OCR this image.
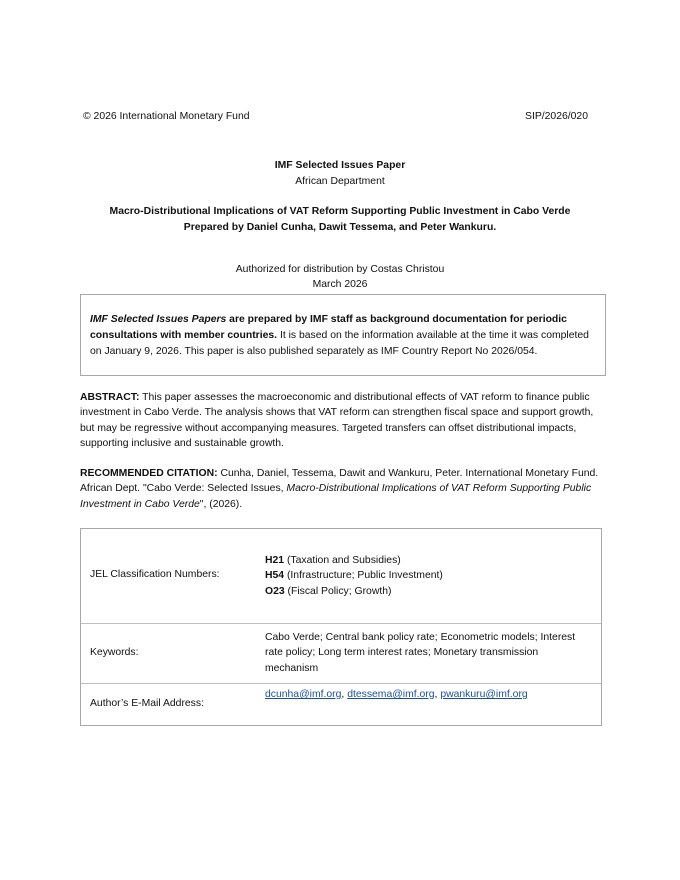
© 2026 International Monetary Fund	SIP/2026/020
IMF Selected Issues Paper
African Department
Macro-Distributional Implications of VAT Reform Supporting Public Investment in Cabo Verde
Prepared by Daniel Cunha, Dawit Tessema, and Peter Wankuru.
Authorized for distribution by Costas Christou
March 2026
IMF Selected Issues Papers are prepared by IMF staff as background documentation for periodic consultations with member countries. It is based on the information available at the time it was completed on January 9, 2026. This paper is also published separately as IMF Country Report No 2026/054.
ABSTRACT: This paper assesses the macroeconomic and distributional effects of VAT reform to finance public investment in Cabo Verde. The analysis shows that VAT reform can strengthen fiscal space and support growth, but may be regressive without accompanying measures. Targeted transfers can offset distributional impacts, supporting inclusive and sustainable growth.
RECOMMENDED CITATION: Cunha, Daniel, Tessema, Dawit and Wankuru, Peter. International Monetary Fund. African Dept. "Cabo Verde: Selected Issues, Macro-Distributional Implications of VAT Reform Supporting Public Investment in Cabo Verde", (2026).
JEL Classification Numbers:
H21 (Taxation and Subsidies)
H54 (Infrastructure; Public Investment)
O23 (Fiscal Policy; Growth)
Keywords:
Cabo Verde; Central bank policy rate; Econometric models; Interest rate policy; Long term interest rates; Monetary transmission mechanism
Author’s E-Mail Address:
dcunha@imf.org, dtessema@imf.org, pwankuru@imf.org
